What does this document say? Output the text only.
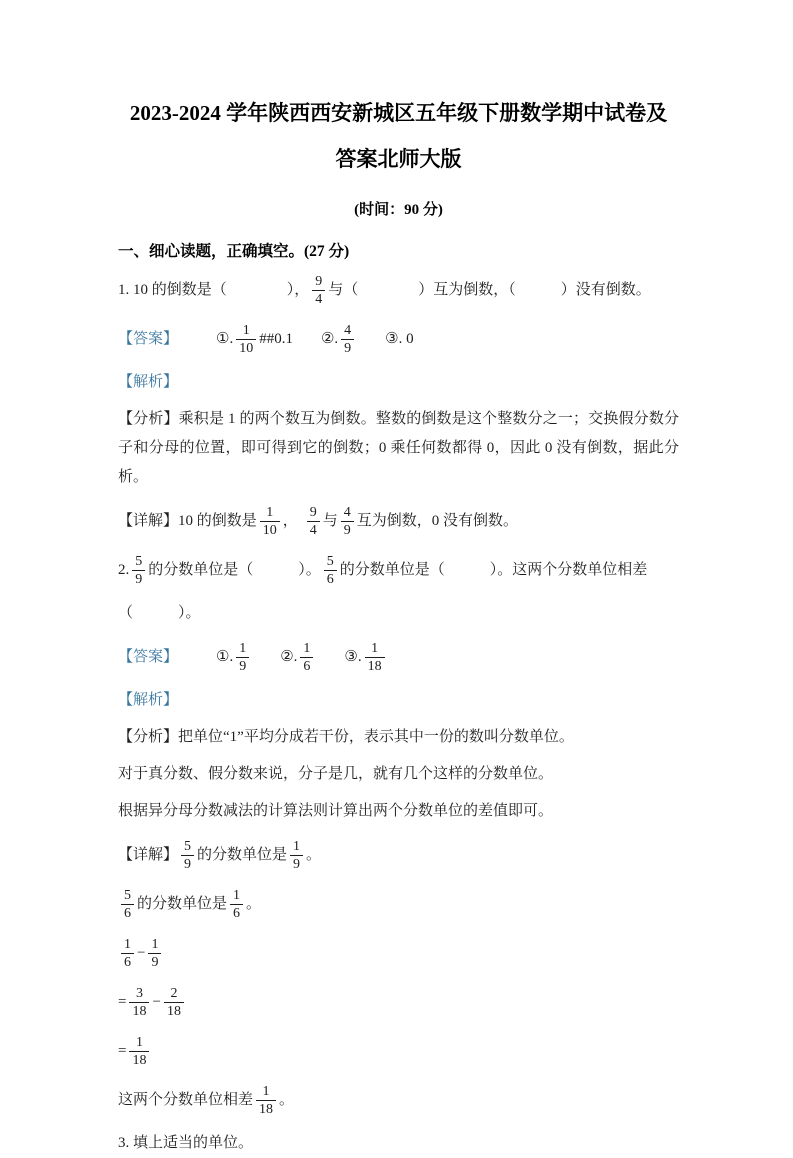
2023-2024 学年陕西西安新城区五年级下册数学期中试卷及
答案北师大版

(时间：90 分)

一、细心读题，正确填空。(27 分)

1. 10 的倒数是（　　　　）， $\frac{9}{4}$ 与（　　　　）互为倒数，（　　　）没有倒数。

【答案】	①. $\frac{1}{10}$ ##0.1 ②. $\frac{4}{9}$ ③. 0

【解析】

【分析】乘积是 1 的两个数互为倒数。整数的倒数是这个整数分之一；交换假分数分子和分母的位置，即可得到它的倒数；0 乘任何数都得 0，因此 0 没有倒数，据此分析。

【详解】10 的倒数是 $\frac{1}{10}$ ， $\frac{9}{4}$ 与 $\frac{4}{9}$ 互为倒数，0 没有倒数。

2. $\frac{5}{9}$ 的分数单位是（　　　）。 $\frac{5}{6}$ 的分数单位是（　　　）。这两个分数单位相差

（　　　）。

【答案】	①. $\frac{1}{9}$ ②. $\frac{1}{6}$ ③. $\frac{1}{18}$

【解析】

【分析】把单位“1”平均分成若干份，表示其中一份的数叫分数单位。

对于真分数、假分数来说，分子是几，就有几个这样的分数单位。

根据异分母分数减法的计算法则计算出两个分数单位的差值即可。

【详解】 $\frac{5}{9}$ 的分数单位是 $\frac{1}{9}$ 。

$\frac{5}{6}$ 的分数单位是 $\frac{1}{6}$ 。

$\frac{1}{6} - \frac{1}{9}$

= $\frac{3}{18} - \frac{2}{18}$

= $\frac{1}{18}$

这两个分数单位相差 $\frac{1}{18}$ 。

3. 填上适当的单位。
